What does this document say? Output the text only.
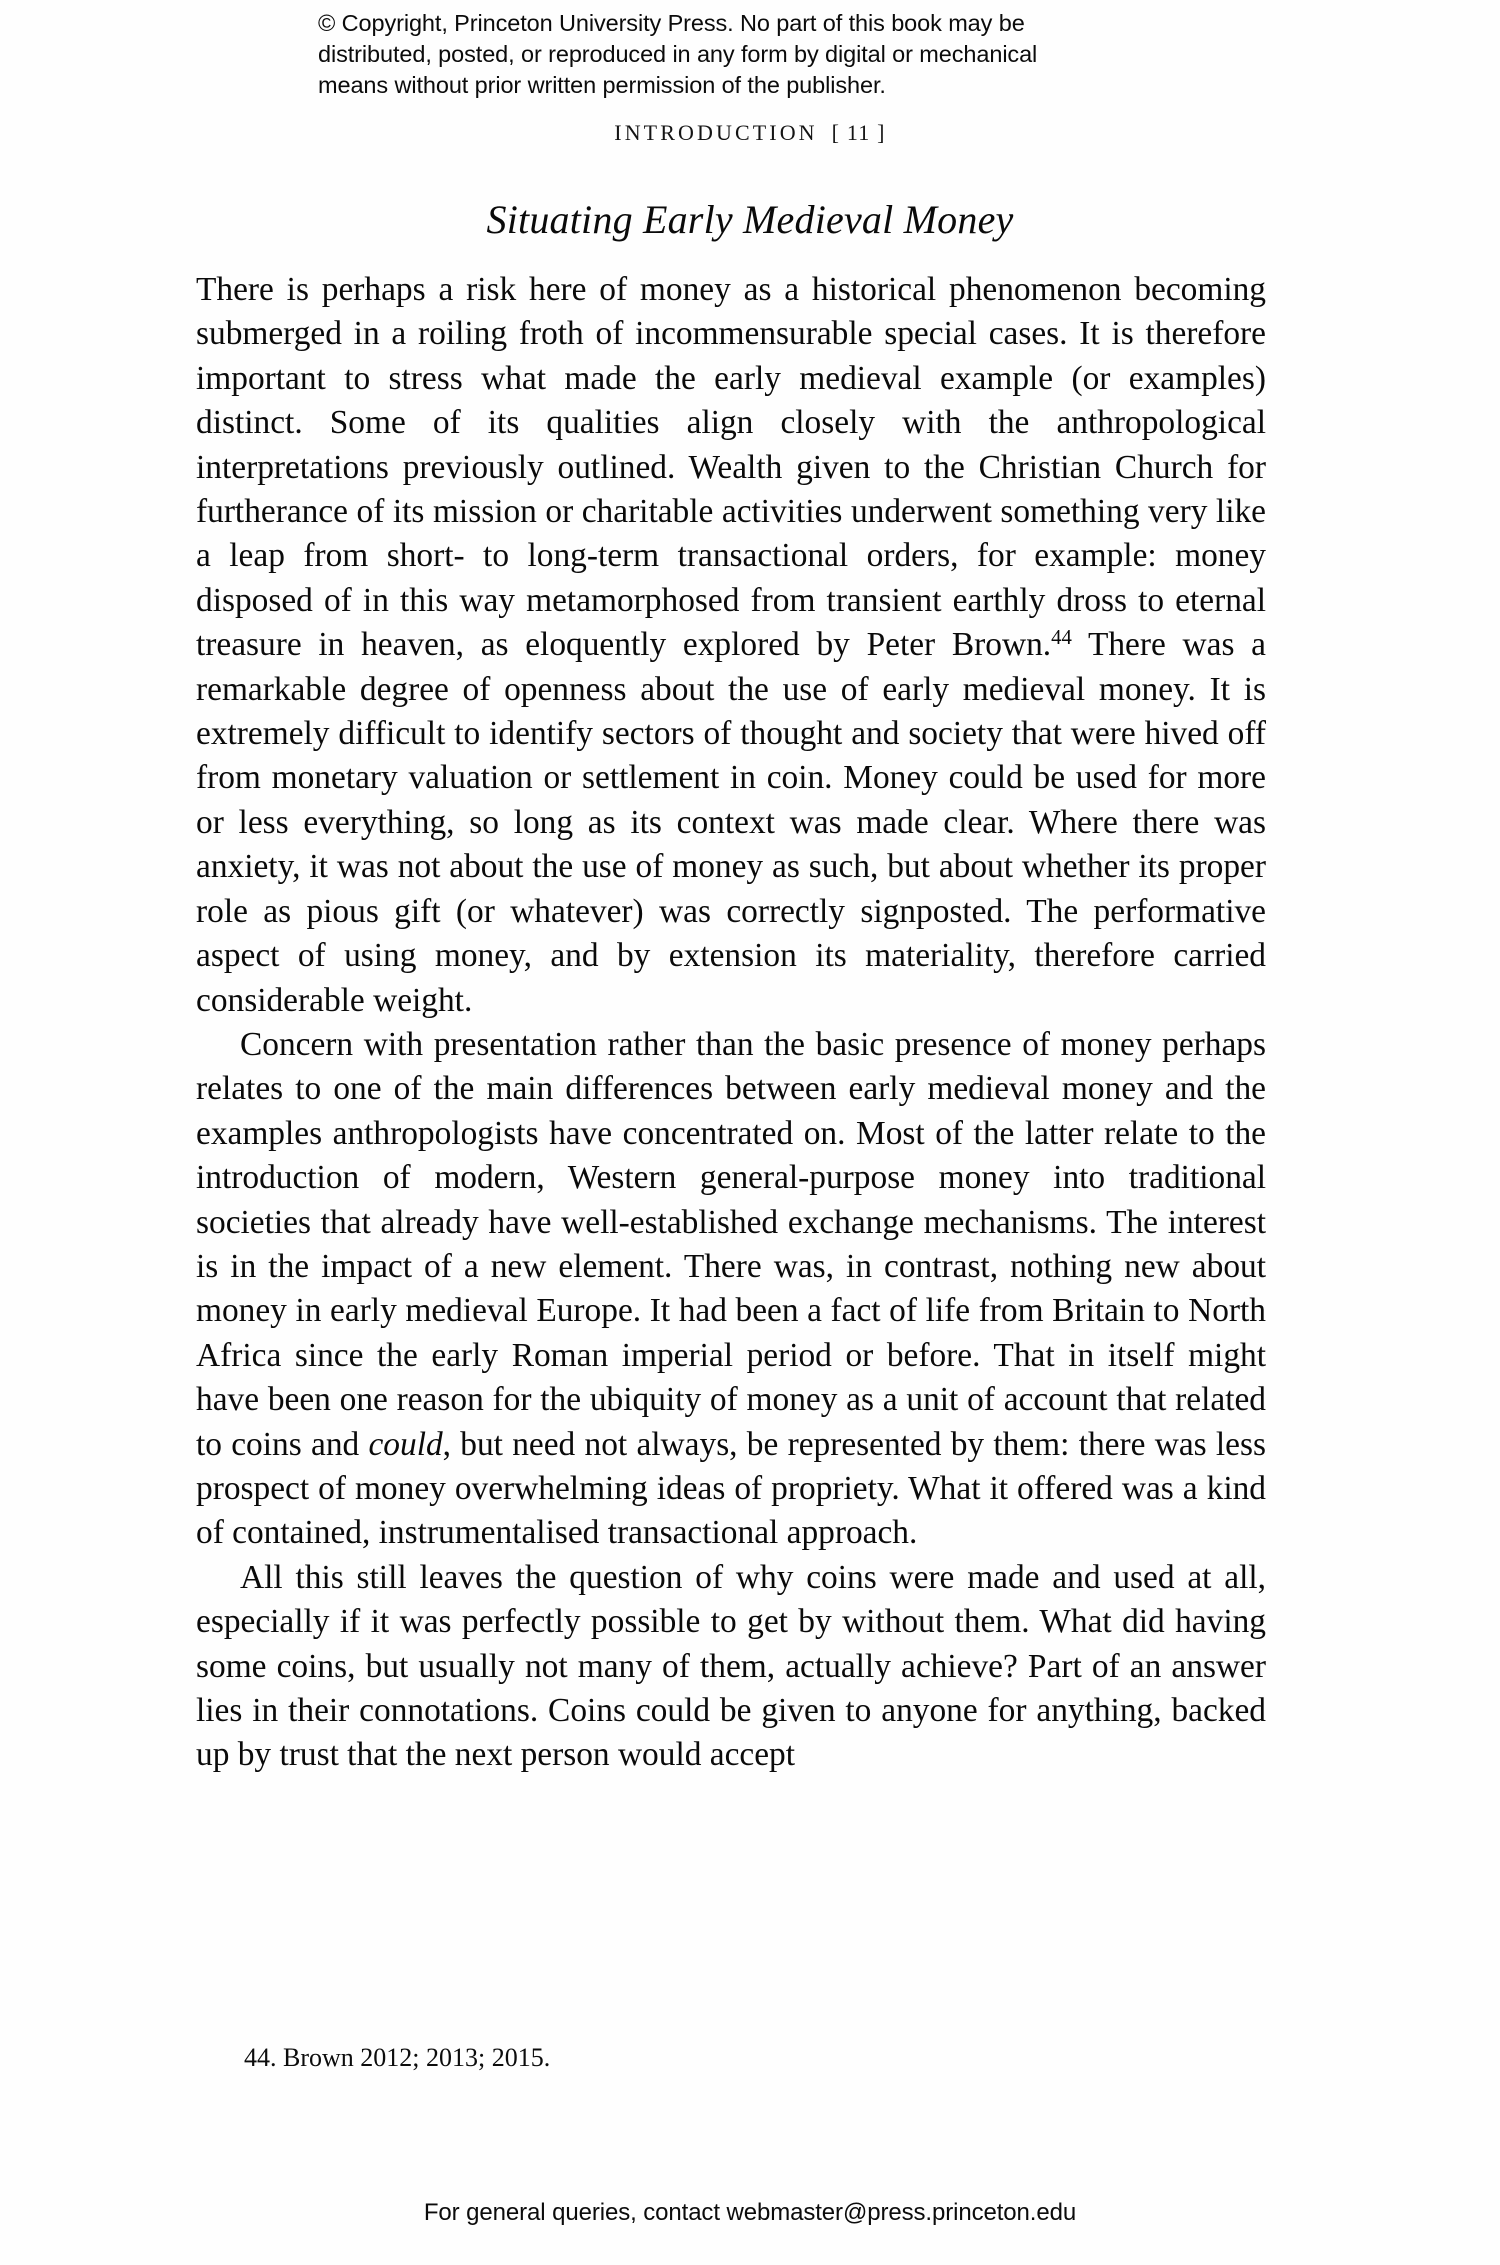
© Copyright, Princeton University Press. No part of this book may be
distributed, posted, or reproduced in any form by digital or mechanical
means without prior written permission of the publisher.
INTRODUCTION [ 11 ]
Situating Early Medieval Money

There is perhaps a risk here of money as a historical phenomenon becoming submerged in a roiling froth of incommensurable special cases. It is therefore important to stress what made the early medieval example (or examples) distinct. Some of its qualities align closely with the anthropological interpretations previously outlined. Wealth given to the Christian Church for furtherance of its mission or charitable activities underwent something very like a leap from short- to long-term transactional orders, for example: money disposed of in this way metamorphosed from transient earthly dross to eternal treasure in heaven, as eloquently explored by Peter Brown.$^{44}$ There was a remarkable degree of openness about the use of early medieval money. It is extremely difficult to identify sectors of thought and society that were hived off from monetary valuation or settlement in coin. Money could be used for more or less everything, so long as its context was made clear. Where there was anxiety, it was not about the use of money as such, but about whether its proper role as pious gift (or whatever) was correctly signposted. The performative aspect of using money, and by extension its materiality, therefore carried considerable weight.

Concern with presentation rather than the basic presence of money perhaps relates to one of the main differences between early medieval money and the examples anthropologists have concentrated on. Most of the latter relate to the introduction of modern, Western general-purpose money into traditional societies that already have well-established exchange mechanisms. The interest is in the impact of a new element. There was, in contrast, nothing new about money in early medieval Europe. It had been a fact of life from Britain to North Africa since the early Roman imperial period or before. That in itself might have been one reason for the ubiquity of money as a unit of account that related to coins and could, but need not always, be represented by them: there was less prospect of money overwhelming ideas of propriety. What it offered was a kind of contained, instrumentalised transactional approach.

All this still leaves the question of why coins were made and used at all, especially if it was perfectly possible to get by without them. What did having some coins, but usually not many of them, actually achieve? Part of an answer lies in their connotations. Coins could be given to anyone for anything, backed up by trust that the next person would accept

44. Brown 2012; 2013; 2015.
For general queries, contact webmaster@press.princeton.edu
